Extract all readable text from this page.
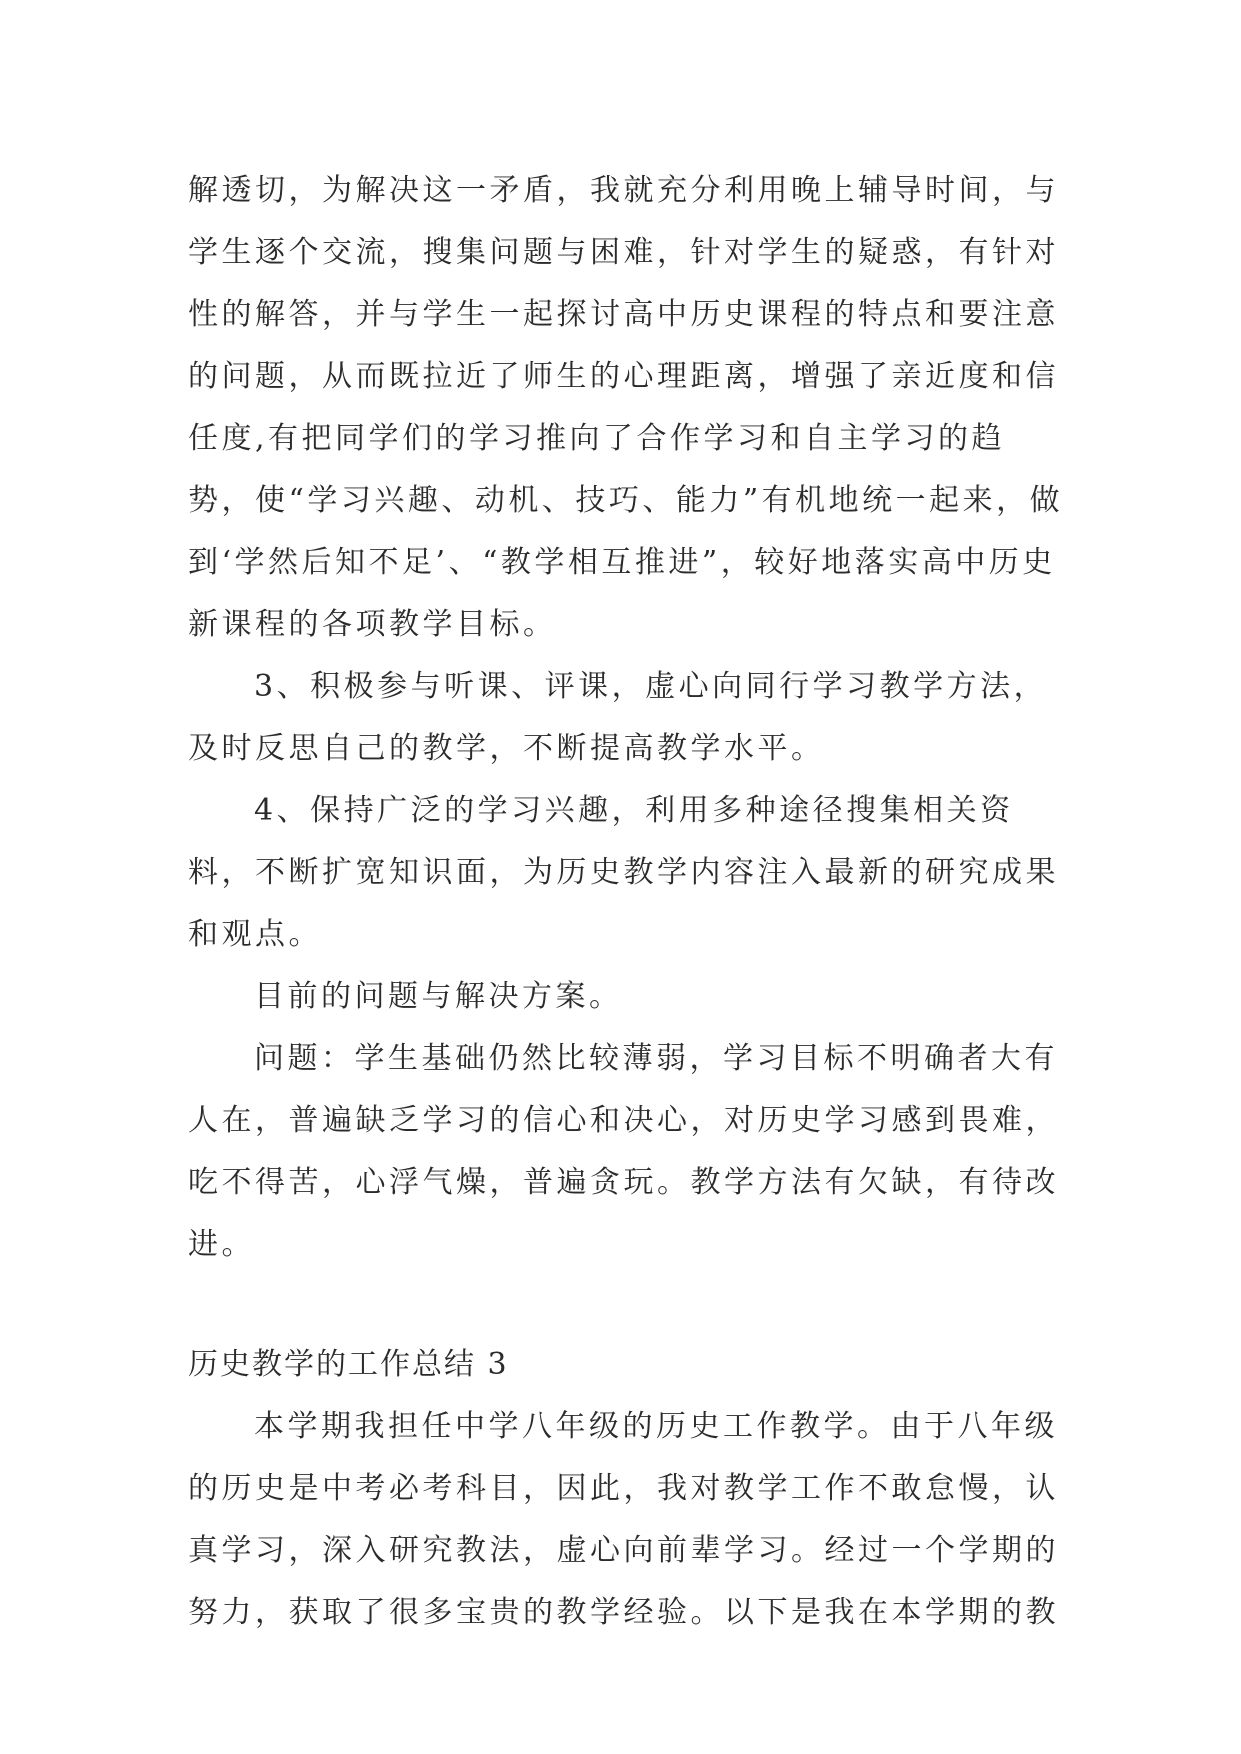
解透切，为解决这一矛盾，我就充分利用晚上辅导时间，与学生逐个交流，搜集问题与困难，针对学生的疑惑，有针对性的解答，并与学生一起探讨高中历史课程的特点和要注意的问题，从而既拉近了师生的心理距离，增强了亲近度和信任度,有把同学们的学习推向了合作学习和自主学习的趋势，使“学习兴趣、动机、技巧、能力”有机地统一起来，做到‘学然后知不足’、“教学相互推进”，较好地落实高中历史新课程的各项教学目标。

3、积极参与听课、评课，虚心向同行学习教学方法，及时反思自己的教学，不断提高教学水平。

4、保持广泛的学习兴趣，利用多种途径搜集相关资料，不断扩宽知识面，为历史教学内容注入最新的研究成果和观点。

目前的问题与解决方案。

问题：学生基础仍然比较薄弱，学习目标不明确者大有人在，普遍缺乏学习的信心和决心，对历史学习感到畏难，吃不得苦，心浮气燥，普遍贪玩。教学方法有欠缺，有待改进。

历史教学的工作总结 3

本学期我担任中学八年级的历史工作教学。由于八年级的历史是中考必考科目，因此，我对教学工作不敢怠慢，认真学习，深入研究教法，虚心向前辈学习。经过一个学期的努力，获取了很多宝贵的教学经验。以下是我在本学期的教
